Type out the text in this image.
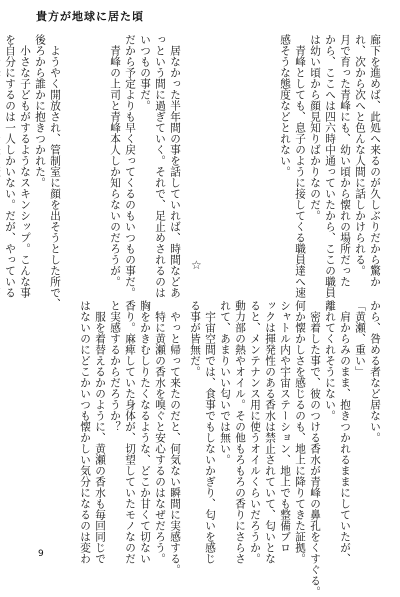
貴方が地球に居た頃

廊下を進めば、此処へ来るのが久しぶりだから驚か

れ、次から次へと色んな人間に話しかけられる。

月で育った青峰にも、幼い頃から懐れの場所だった

から、ここへは四六時中通っていたから、ここの職員

は幼い頃から顔見知りばかりなのだ。

　青峰としても、息子のように接してくる職員達へ速

感そうな態度などとれない。

　居なかった半年間の事を話していれば、時間などあ

っという間に過ぎていく。それで、足止めされるのは

いつもの事だ。

だから予定よりも早く戻ってくるのもいつもの事だ。

　青峰の上司と青峰本人しか知らないのだろうが。

　ようやく開放され、管制室に顔を出そうとした所で、

後ろから誰かに抱きつかれた。

　小さな子どもがするようなスキンシップ。こんな事

を自分にするのは一人しかいない。だが、やっている	☆

から、咎める者など居ない。

「黄瀬、重い」

　肩からみのまま、抱きつかれるままにしていたが、

離れてくれそうにない。

　密着した事で、彼のつける香水が青峰の鼻孔をくすぐる。

何か懐かしさを感じるのも、地上に降りてきた証拠。

シャトル内や宇宙ステーション、地上でも整備ブロ

ックは揮発性のある香水は禁止されていて、匂いとな

ると、メンテナンス用に使うオイルくらいだろうか。

動力部の熱やオイル。その他もろもろの香りにさらさ

れて、あまりいい匂いでは無い。

　宇宙空間では、食事でもしないかぎり、匂いを感じ

る事が皆無だ。

　やっと帰って来たのだと、何気ない瞬間に実感する。

　特に黄瀬の香水を嗅ぐと安心するのはなぜだろう。

胸をかきむしりたくなるような、どこか甘くて切ない

香り。麻痺していた身体が、切望していたモノなのだ

と実感するからだろうか？

　服を着替えるかのように、黄瀬の香水も毎回同じで

はないのにどこかいつも懐かしい気分になるのは変わ

9
